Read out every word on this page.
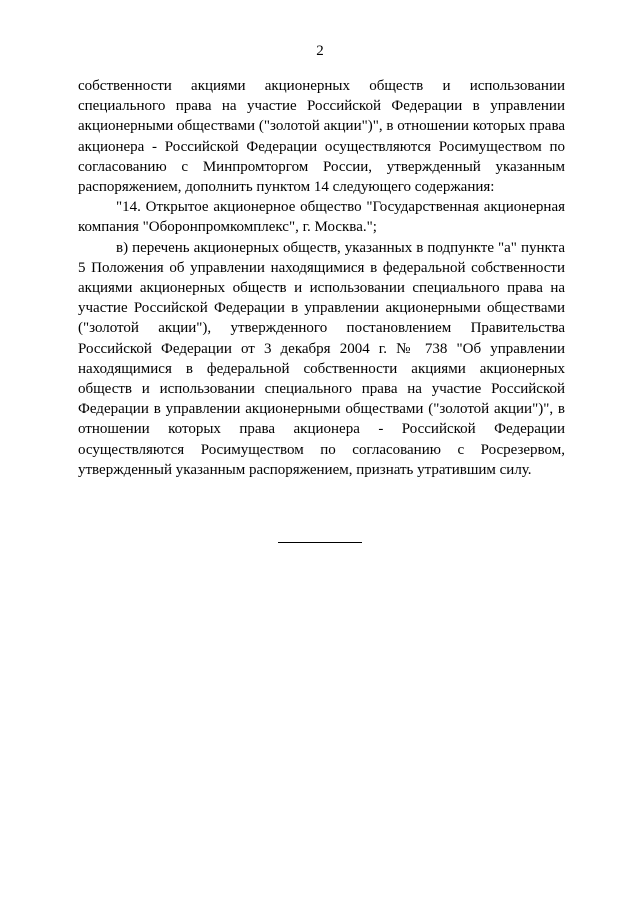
2

собственности акциями акционерных обществ и использовании специального права на участие Российской Федерации в управлении акционерными обществами ("золотой акции")", в отношении которых права акционера - Российской Федерации осуществляются Росимуществом по согласованию с Минпромторгом России, утвержденный указанным распоряжением, дополнить пунктом 14 следующего содержания:

"14. Открытое акционерное общество "Государственная акционерная компания "Оборонпромкомплекс", г. Москва.";

в) перечень акционерных обществ, указанных в подпункте "а" пункта 5 Положения об управлении находящимися в федеральной собственности акциями акционерных обществ и использовании специального права на участие Российской Федерации в управлении акционерными обществами ("золотой акции"), утвержденного постановлением Правительства Российской Федерации от 3 декабря 2004 г. № 738 "Об управлении находящимися в федеральной собственности акциями акционерных обществ и использовании специального права на участие Российской Федерации в управлении акционерными обществами ("золотой акции")", в отношении которых права акционера - Российской Федерации осуществляются Росимуществом по согласованию с Росрезервом, утвержденный указанным распоряжением, признать утратившим силу.
